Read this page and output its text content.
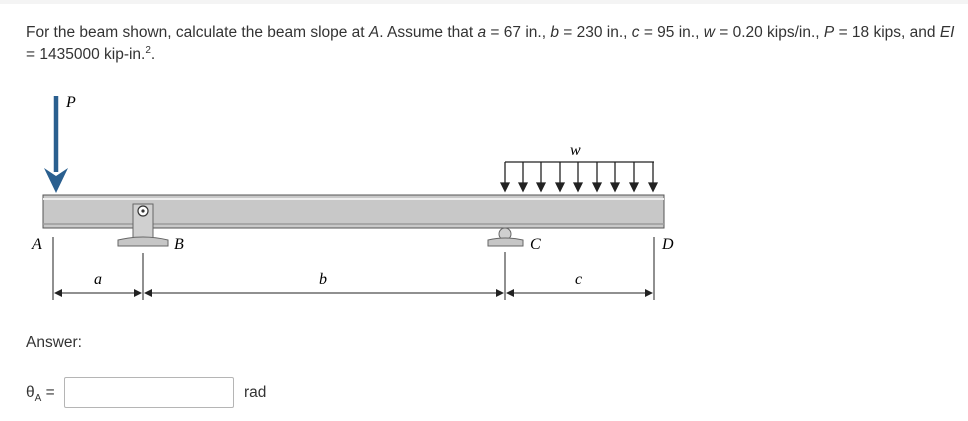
For the beam shown, calculate the beam slope at A. Assume that a = 67 in., b = 230 in., c = 95 in., w = 0.20 kips/in., P = 18 kips, and EI = 1435000 kip-in.$^2$.
P
w
A	B	C	D
a	b	c
Answer:
$\theta_A$ =	rad
